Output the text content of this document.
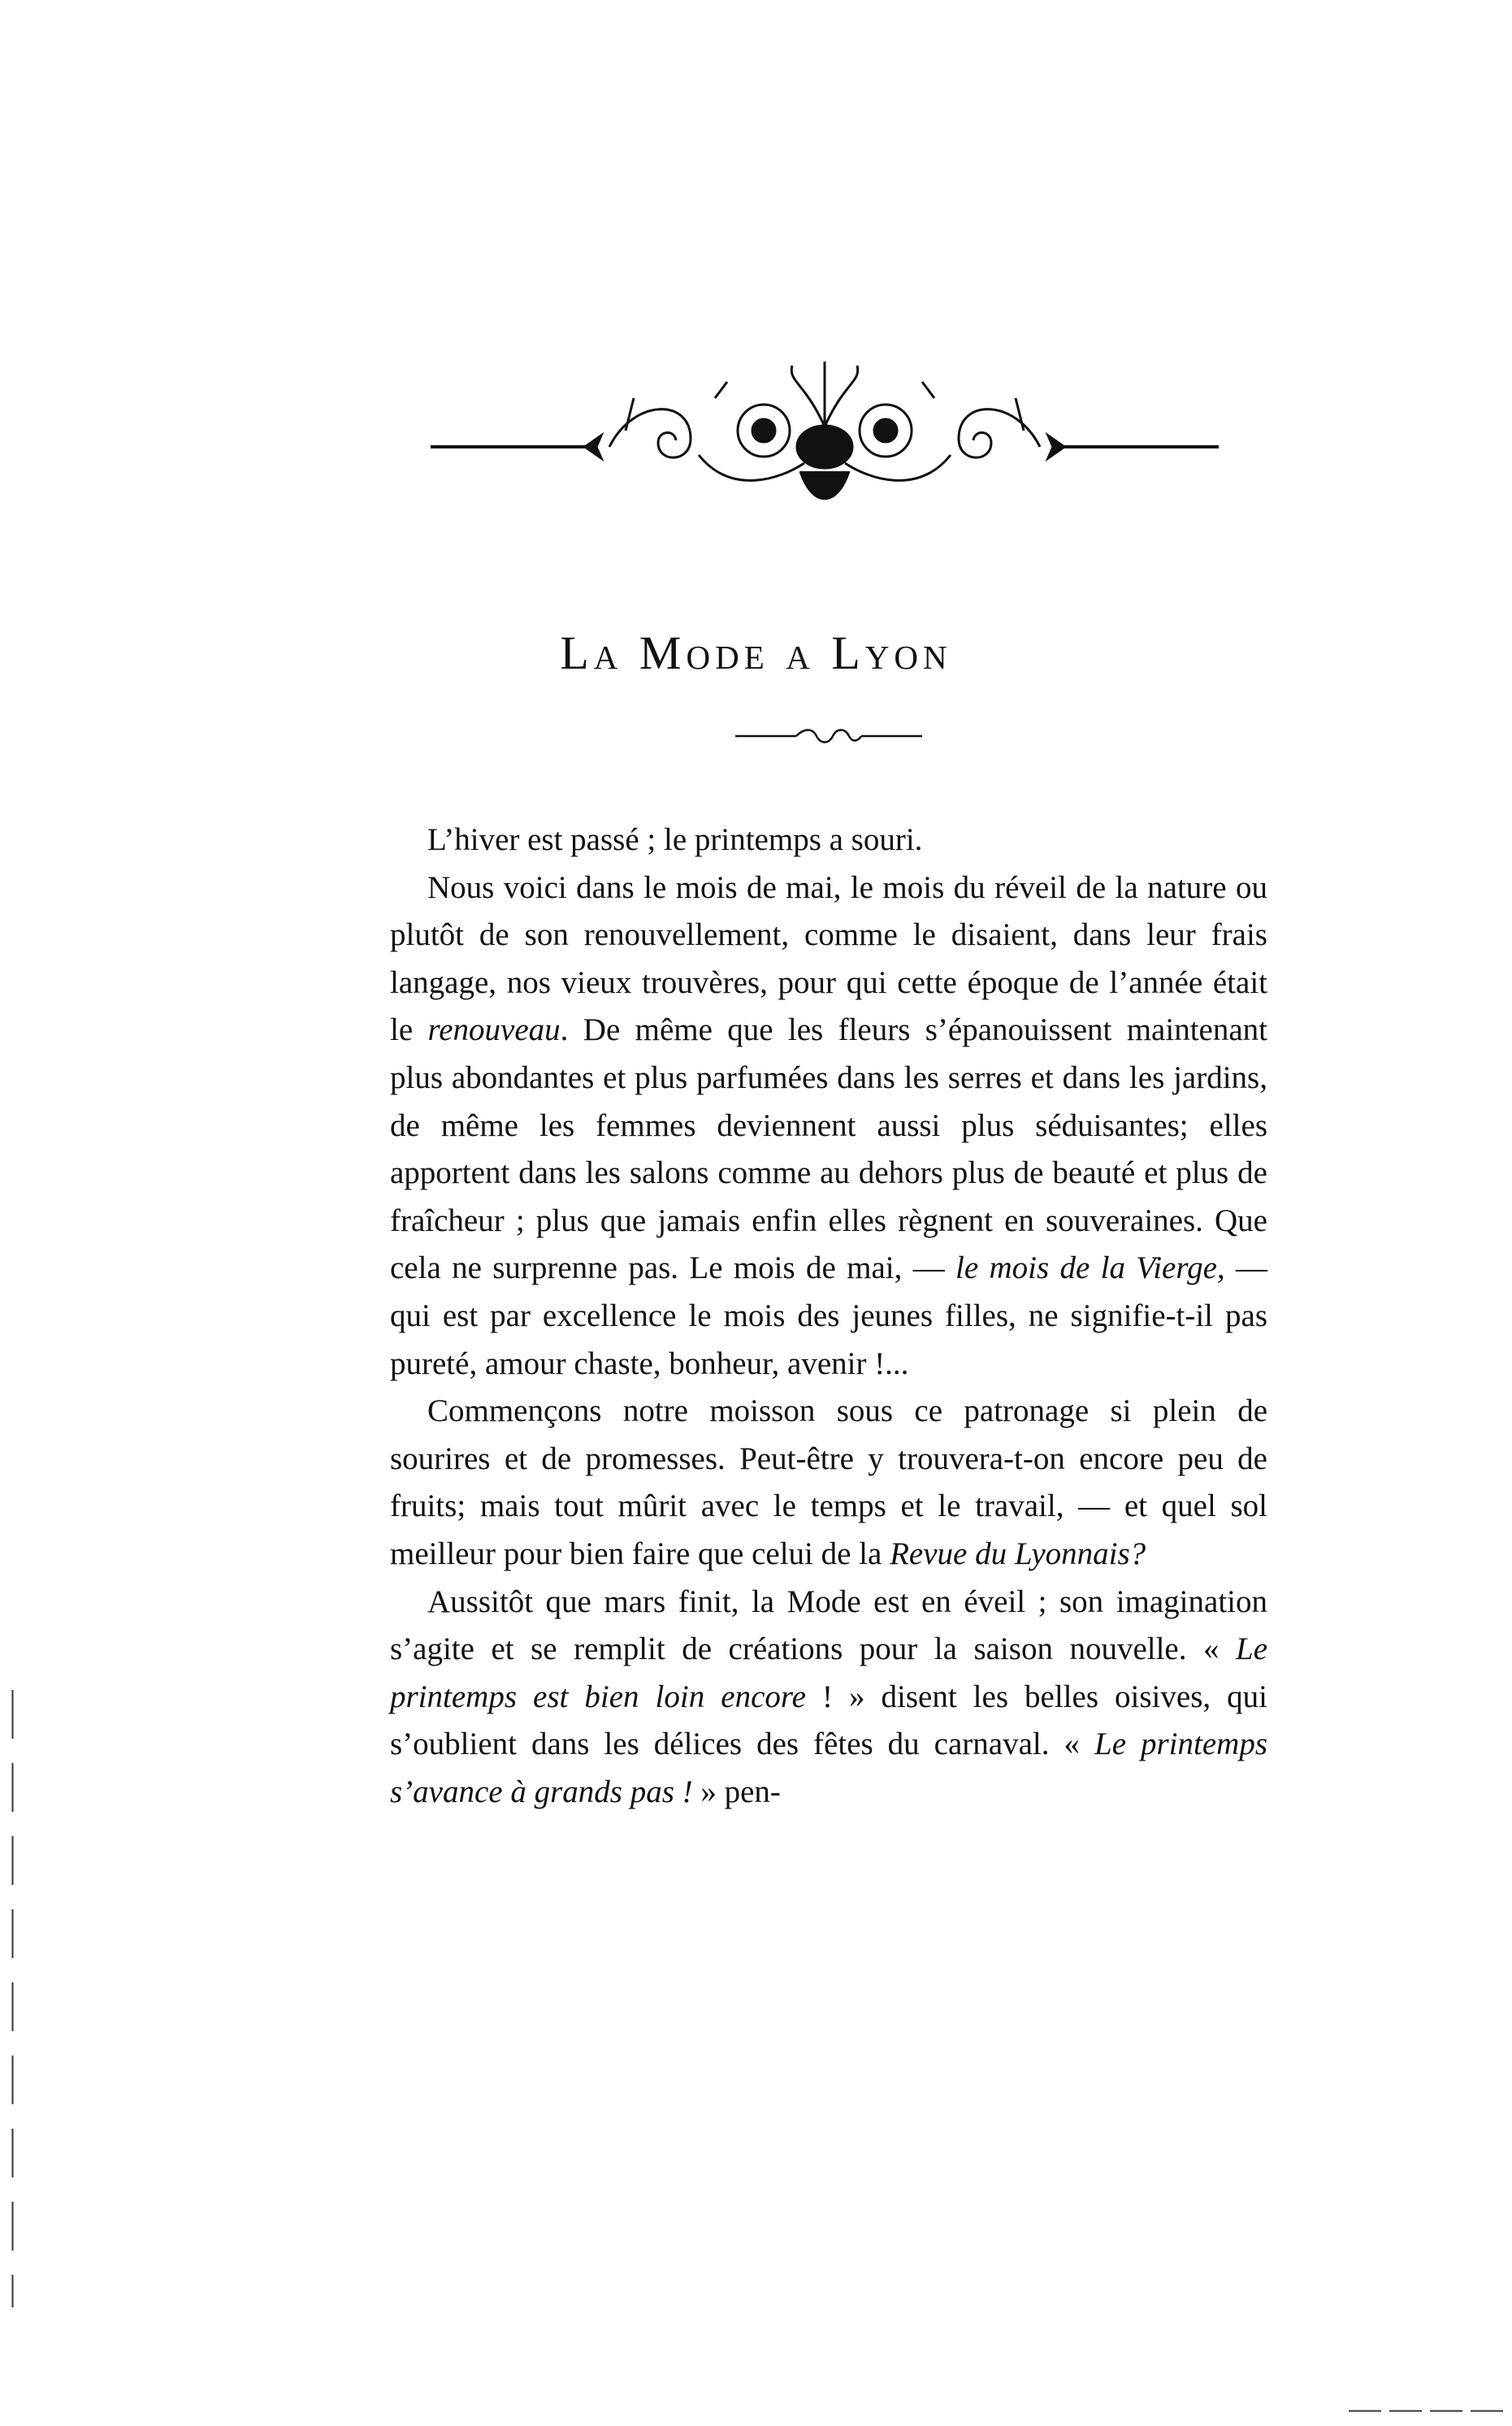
La Mode a Lyon

L’hiver est passé ; le printemps a souri.

Nous voici dans le mois de mai, le mois du réveil de la nature ou plutôt de son renouvellement, comme le disaient, dans leur frais langage, nos vieux trouvères, pour qui cette époque de l’année était le renouveau. De même que les fleurs s’épanouissent maintenant plus abondantes et plus parfumées dans les serres et dans les jardins, de même les femmes deviennent aussi plus séduisantes; elles apportent dans les salons comme au dehors plus de beauté et plus de fraîcheur ; plus que jamais enfin elles règnent en souveraines. Que cela ne surprenne pas. Le mois de mai, — le mois de la Vierge, — qui est par excellence le mois des jeunes filles, ne signifie-t-il pas pureté, amour chaste, bonheur, avenir !...

Commençons notre moisson sous ce patronage si plein de sourires et de promesses. Peut-être y trouvera-t-on encore peu de fruits; mais tout mûrit avec le temps et le travail, — et quel sol meilleur pour bien faire que celui de la Revue du Lyonnais?

Aussitôt que mars finit, la Mode est en éveil ; son imagination s’agite et se remplit de créations pour la saison nouvelle. « Le printemps est bien loin encore ! » disent les belles oisives, qui s’oublient dans les délices des fêtes du carnaval. « Le printemps s’avance à grands pas ! » pen-
